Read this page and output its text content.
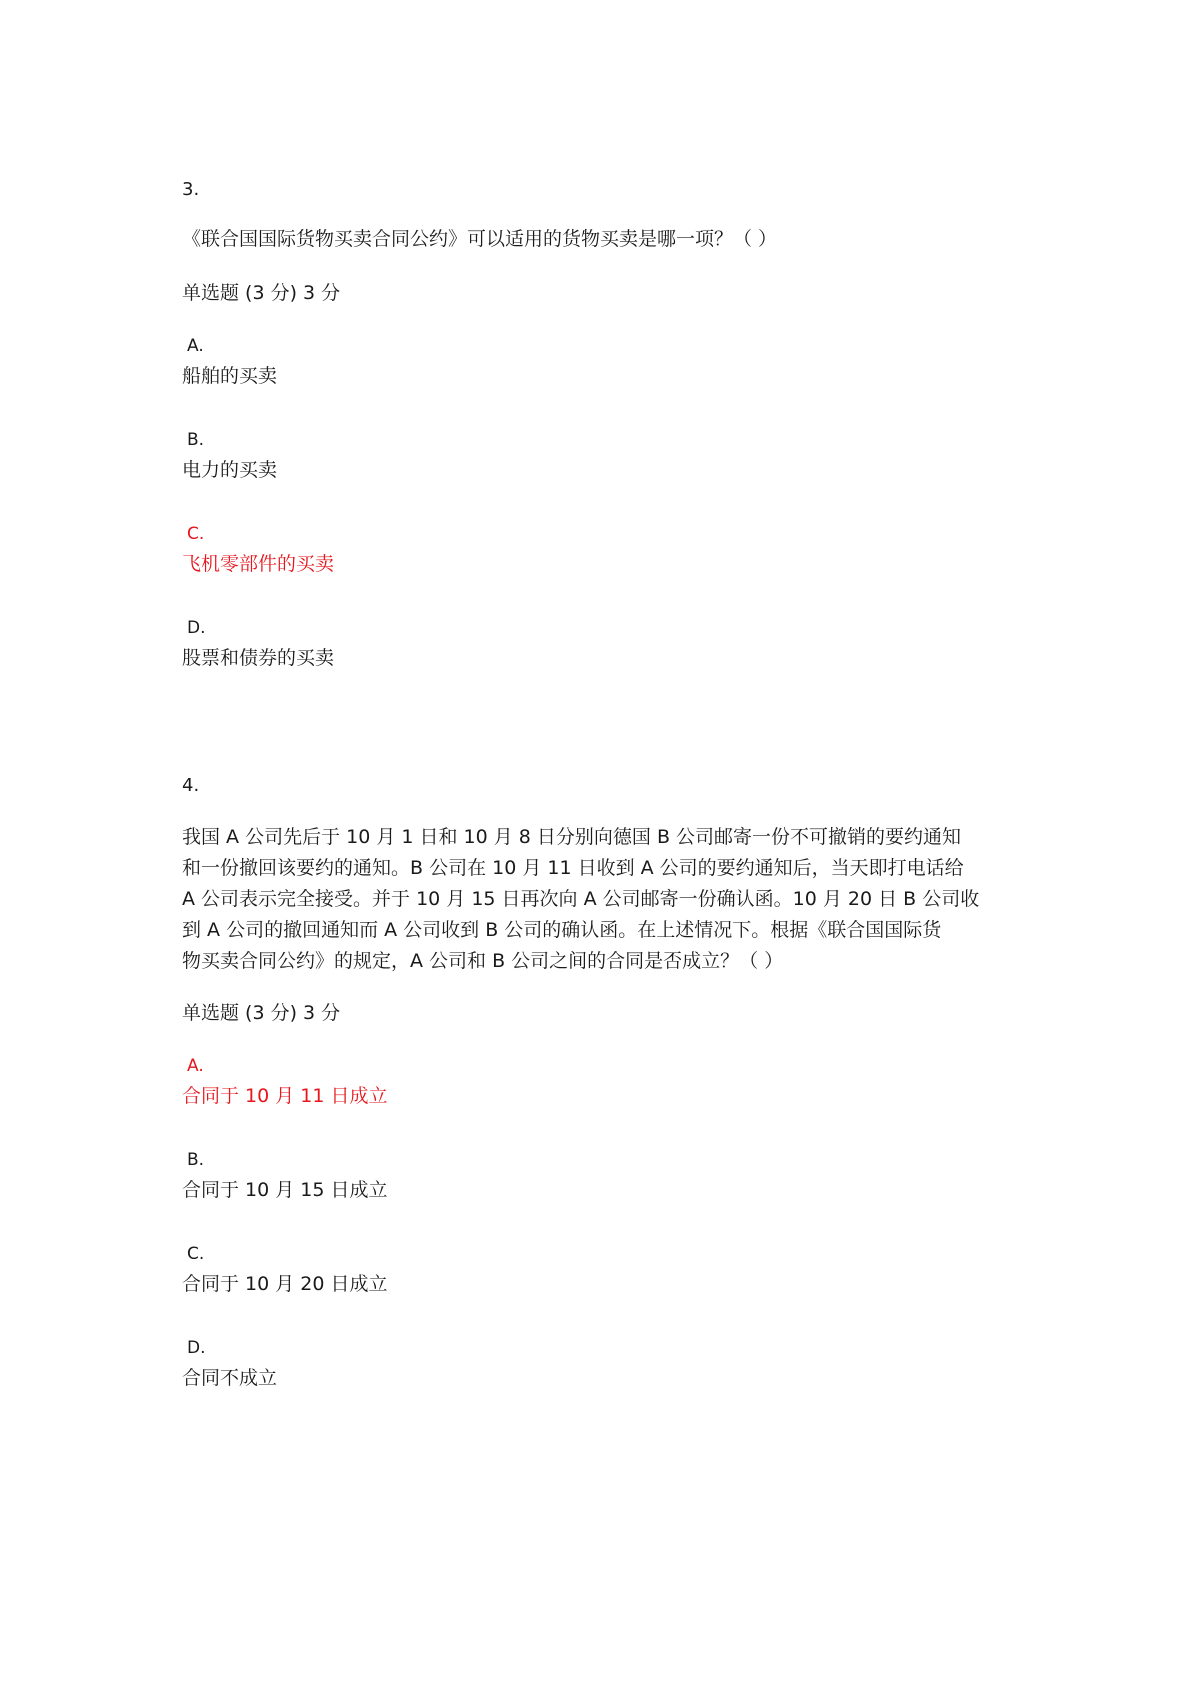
3.
《联合国国际货物买卖合同公约》可以适用的货物买卖是哪一项？（ ）
单选题 (3 分) 3 分
A.
船舶的买卖
B.
电力的买卖
C.
飞机零部件的买卖
D.
股票和债券的买卖
4.
我国 A 公司先后于 10 月 1 日和 10 月 8 日分别向德国 B 公司邮寄一份不可撤销的要约通知
和一份撤回该要约的通知。B 公司在 10 月 11 日收到 A 公司的要约通知后，当天即打电话给
A 公司表示完全接受。并于 10 月 15 日再次向 A 公司邮寄一份确认函。10 月 20 日 B 公司收
到 A 公司的撤回通知而 A 公司收到 B 公司的确认函。在上述情况下。根据《联合国国际货
物买卖合同公约》的规定，A 公司和 B 公司之间的合同是否成立？（ ）
单选题 (3 分) 3 分
A.
合同于 10 月 11 日成立
B.
合同于 10 月 15 日成立
C.
合同于 10 月 20 日成立
D.
合同不成立
